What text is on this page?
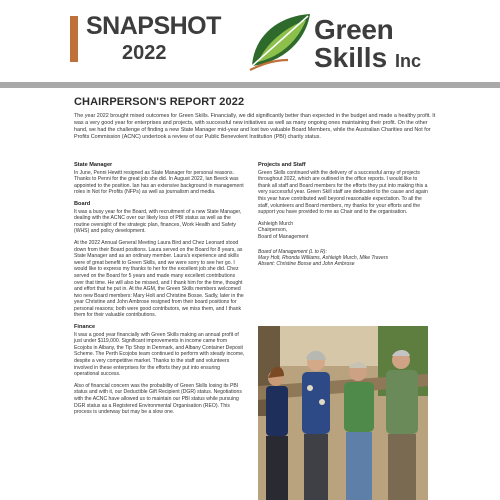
SNAPSHOT
2022
Green
Skills Inc
CHAIRPERSON'S REPORT 2022
The year 2022 brought mixed outcomes for Green Skills. Financially, we did significantly better than expected in the budget and made a healthy profit. It was a very good year for enterprises and projects, with successful new initiatives as well as many ongoing ones maintaining their profit. On the other hand, we had the challenge of finding a new State Manager mid-year and lost two valuable Board Members, while the Australian Charities and Not for Profits Commission (ACNC) undertook a review of our Public Benevolent Institution (PBI) charity status.
State Manager

In June, Penni Hewitt resigned as State Manager for personal reasons. Thanks to Penni for the great job she did. In August 2022, Ian Beeck was appointed to the position. Ian has an extensive background in management roles in Not for Profits (NFPs) as well as journalism and media.

Board

It was a busy year for the Board, with recruitment of a new State Manager, dealing with the ACNC over our likely loss of PBI status as well as the routine oversight of the strategic plan, finances, Work Health and Safety (WHS) and policy development.

At the 2022 Annual General Meeting Laura Bird and Chez Leonard stood down from their Board positions. Laura served on the Board for 8 years, as State Manager and as an ordinary member. Laura's experience and skills were of great benefit to Green Skills, and we were sorry to see her go. I would like to express my thanks to her for the excellent job she did. Chez served on the Board for 5 years and made many excellent contributions over that time. He will also be missed, and I thank him for the time, thought and effort that he put in. At the AGM, the Green Skills members welcomed two new Board members: Mary Holt and Christine Bosse. Sadly, later in the year Christine and John Ambrose resigned from their board positions for personal reasons; both were good contributors, we miss them, and I thank them for their valuable contributions.

Finance

It was a good year financially with Green Skills making an annual profit of just under $119,000. Significant improvements in income came from Ecojobs in Albany, the Tip Shop in Denmark, and Albany Container Deposit Scheme. The Perth Ecojobs team continued to perform with steady income, despite a very competitive market. Thanks to the staff and volunteers involved in these enterprises for the efforts they put into ensuring operational success.

Also of financial concern was the probability of Green Skills losing its PBI status and with it, our Deductible Gift Recipient (DGR) status. Negotiations with the ACNC have allowed us to maintain our PBI status while pursuing DGR status as a Registered Environmental Organisation (REO). This process is underway but may be a slow one.

Projects and Staff

Green Skills continued with the delivery of a successful array of projects throughout 2022, which are outlined in the office reports. I would like to thank all staff and Board members for the efforts they put into making this a very successful year. Green Skill staff are dedicated to the cause and again this year have contributed well beyond reasonable expectation. To all the staff, volunteers and Board members, my thanks for your efforts and the support you have provided to me as Chair and to the organisation.

Ashleigh Murch
Chairperson,
Board of Management
Board of Management (L to R):
Mary Holt, Rhonda Williams, Ashleigh Murch, Mike Travers
Absent: Christine Bosse and John Ambrose
